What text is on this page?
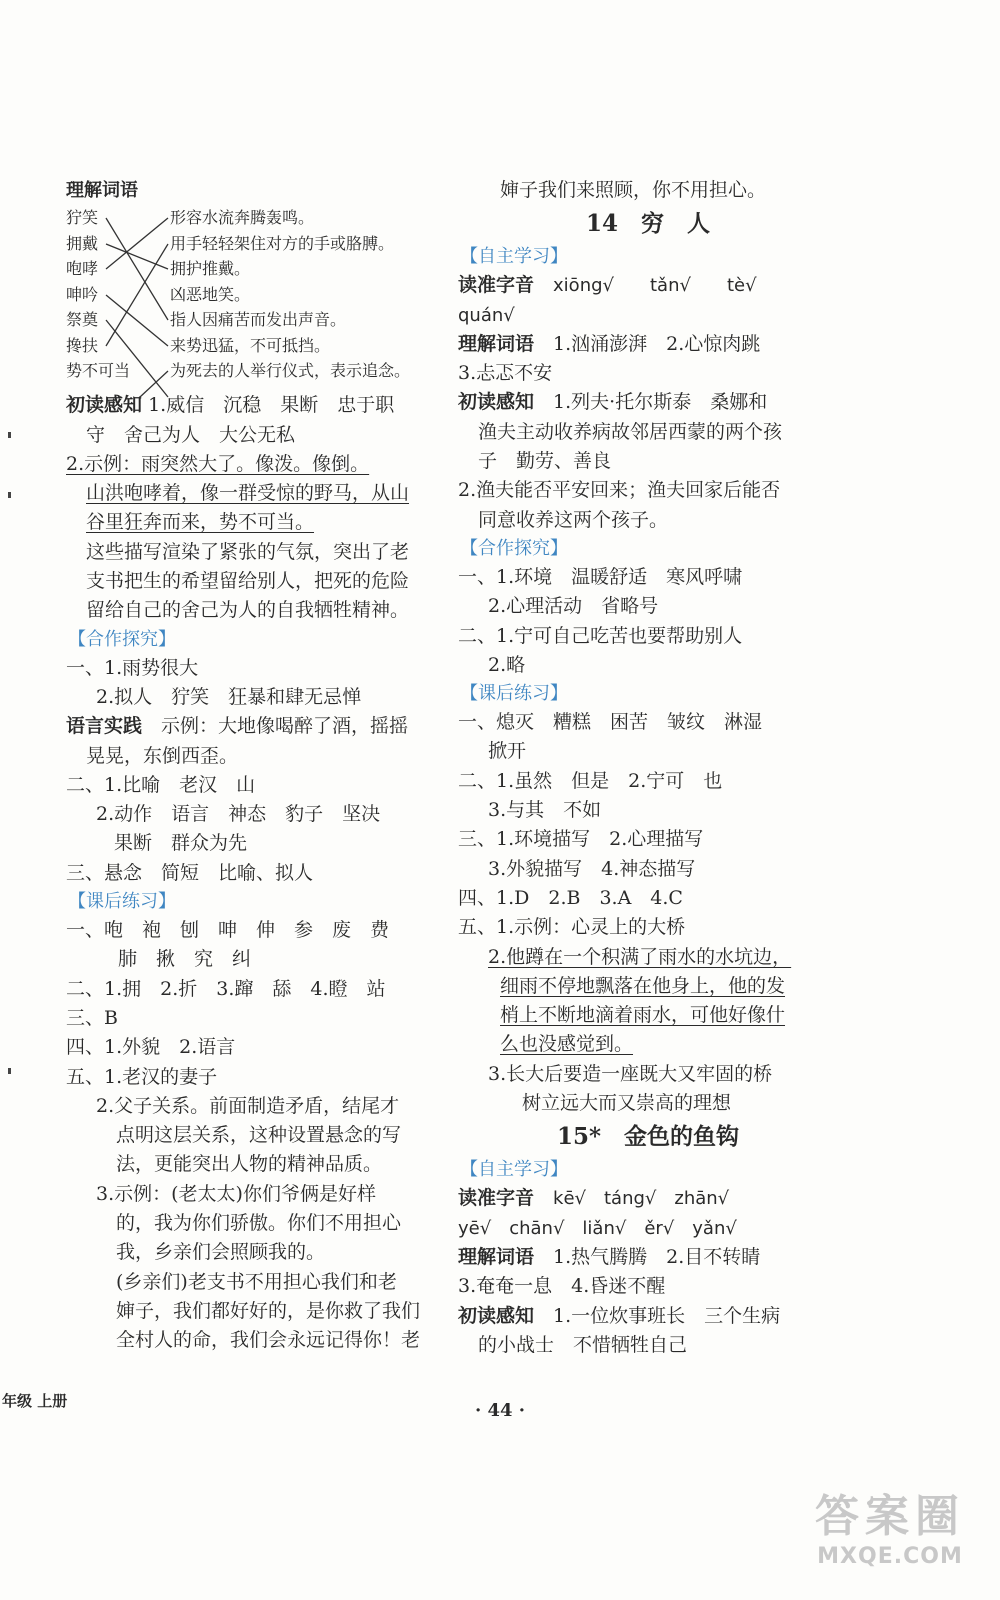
理解词语
狞笑
拥戴
咆哮
呻吟
祭奠
搀扶
势不可当
形容水流奔腾轰鸣。
用手轻轻架住对方的手或胳膊。
拥护推戴。
凶恶地笑。
指人因痛苦而发出声音。
来势迅猛，不可抵挡。
为死去的人举行仪式，表示追念。
初读感知 1.威信　沉稳　果断　忠于职
守　舍己为人　大公无私
2.示例：雨突然大了。像泼。像倒。
山洪咆哮着，像一群受惊的野马，从山
谷里狂奔而来，势不可当。
这些描写渲染了紧张的气氛，突出了老
支书把生的希望留给别人，把死的危险
留给自己的舍己为人的自我牺牲精神。
【合作探究】
一、1.雨势很大
2.拟人　狞笑　狂暴和肆无忌惮
语言实践　 示例：大地像喝醉了酒，摇摇
晃晃，东倒西歪。
二、1.比喻　老汉　山
2.动作　语言　神态　豹子　坚决
果断　群众为先
三、悬念　简短　比喻、拟人
【课后练习】
一、咆　袍　刨　呻　伸　参　废　费
肺　揪　究　纠
二、1.拥　2.折　3.蹿　舔　4.瞪　站
三、B
四、1.外貌　2.语言
五、1.老汉的妻子
2.父子关系。前面制造矛盾，结尾才
点明这层关系，这种设置悬念的写
法，更能突出人物的精神品质。
3.示例：(老太太)你们爷俩是好样
的，我为你们骄傲。你们不用担心
我，乡亲们会照顾我的。
(乡亲们)老支书不用担心我们和老
婶子，我们都好好的，是你救了我们
全村人的命，我们会永远记得你！老
婶子我们来照顾，你不用担心。
14　穷　人
【自主学习】
读准字音　 xiōng√　　tǎn√　　tè√
quán√
理解词语　 1.汹涌澎湃　2.心惊肉跳
3.忐忑不安
初读感知　 1.列夫·托尔斯泰　桑娜和
渔夫主动收养病故邻居西蒙的两个孩
子　勤劳、善良
2.渔夫能否平安回来；渔夫回家后能否
同意收养这两个孩子。
【合作探究】
一、1.环境　温暖舒适　寒风呼啸
2.心理活动　省略号
二、1.宁可自己吃苦也要帮助别人
2.略
【课后练习】
一、熄灭　糟糕　困苦　皱纹　淋湿
掀开
二、1.虽然　但是　2.宁可　也
3.与其　不如
三、1.环境描写　2.心理描写
3.外貌描写　4.神态描写
四、1.D　2.B　3.A　4.C
五、1.示例：心灵上的大桥
2.他蹲在一个积满了雨水的水坑边，
细雨不停地飘落在他身上，他的发
梢上不断地滴着雨水，可他好像什
么也没感觉到。
3.长大后要造一座既大又牢固的桥
树立远大而又崇高的理想
15*　金色的鱼钩
【自主学习】
读准字音　 kē√　táng√　zhān√
yē√　chān√　liǎn√　ěr√　yǎn√
理解词语　 1.热气腾腾　2.目不转睛
3.奄奄一息　4.昏迷不醒
初读感知　 1.一位炊事班长　三个生病
的小战士　不惜牺牲自己
年级 上册	· 44 ·
答案圈
MXQE.COM
